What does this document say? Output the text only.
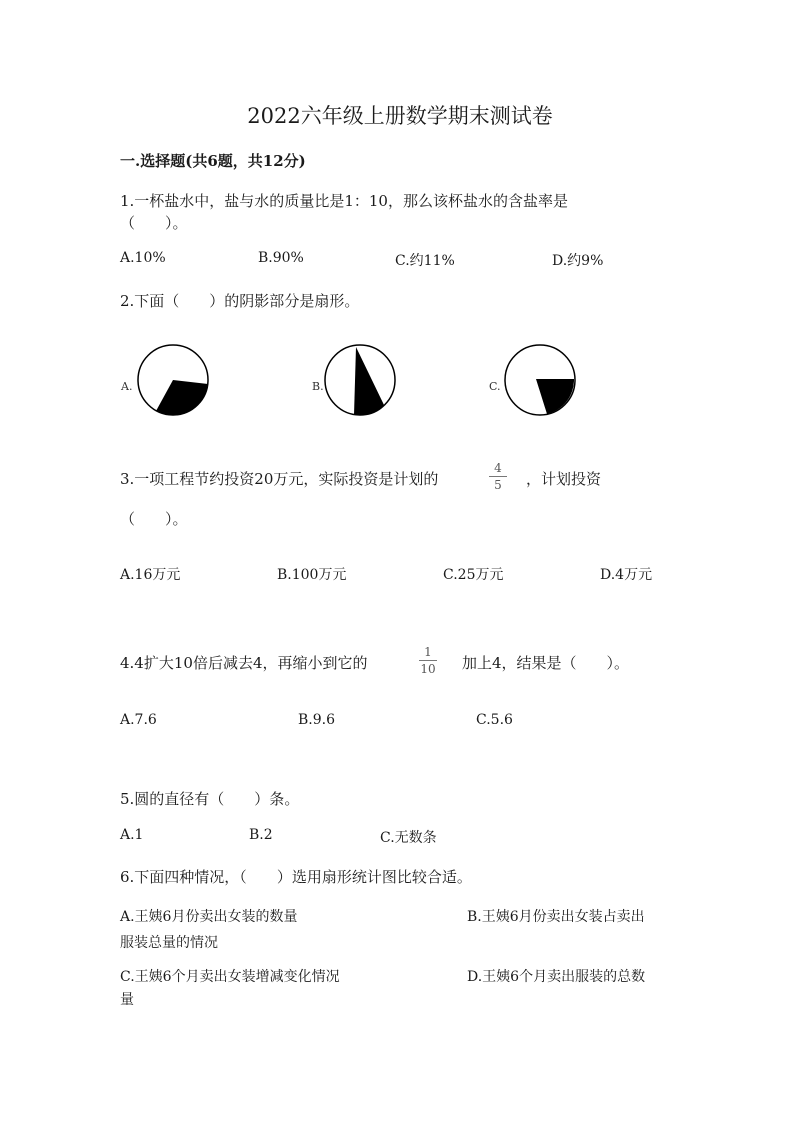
2022六年级上册数学期末测试卷
一.选择题(共6题，共12分)
1.一杯盐水中，盐与水的质量比是1：10，那么该杯盐水的含盐率是
（　　）。
A.10%	B.90%	C.约11%	D.约9%
2.下面（　　）的阴影部分是扇形。
A.	B.	C.
3.一项工程节约投资20万元，实际投资是计划的
4
5	，计划投资
（　　）。
A.16万元	B.100万元	C.25万元	D.4万元
4.4扩大10倍后减去4，再缩小到它的
1
10 加上4，结果是（　　）。
A.7.6	B.9.6	C.5.6
5.圆的直径有（　　）条。
A.1	B.2	C.无数条
6.下面四种情况，（　　）选用扇形统计图比较合适。
A.王姨6月份卖出女装的数量
服装总量的情况
B.王姨6月份卖出女装占卖出
C.王姨6个月卖出女装增减变化情况	D.王姨6个月卖出服装的总数
量
